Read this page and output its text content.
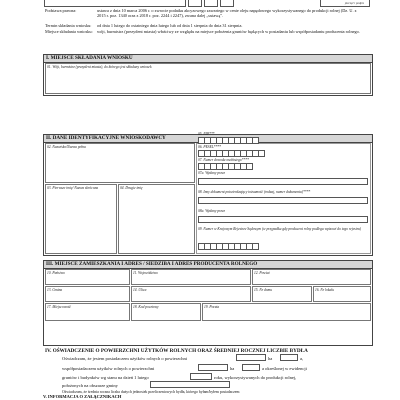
pieczęć i podpis
Podstawa prawna:	ustawa z dnia 10 marca 2006 r. o zwrocie podatku akcyzowego zawartego w cenie oleju napędowego wykorzystywanego do produkcji rolnej (Dz. U. z 2015 r. poz. 1340 oraz z 2018 r. poz. 2244 i 2247), zwana dalej „ustawą”.
Termin składania wniosku:	od dnia 1 lutego do ostatniego dnia lutego lub od dnia 1 sierpnia do dnia 31 sierpnia.
Miejsce składania wniosku: wójt, burmistrz (prezydent miasta) właściwy ze względu na miejsce położenia gruntów będących w posiadaniu lub współposiadaniu producenta rolnego.
I. MIEJSCE SKŁADANIA WNIOSKU
01. Wójt, burmistrz (prezydent miasta), do którego jest składany wniosek
II. DANE IDENTYFIKACYJNE WNIOSKODAWCY
02. Nazwisko/Nazwa pełna
03. Pierwsze imię/ Nazwa skrócona	04. Drugie imię
05. NIP***
06. PESEL****
07. Numer dowodu osobistego****
07a. Wydany przez
08. Inny dokument potwierdzający tożsamość (rodzaj, numer dokumentu)****
08a. Wydany przez
09. Numer w Krajowym Rejestrze Sądowym (w przypadku gdy producent rolny podlega wpisowi do tego rejestru)
III. MIEJSCE ZAMIESZKANIA I ADRES / SIEDZIBA I ADRES PRODUCENTA ROLNEGO
10. Państwo	11. Województwo	12. Powiat
13. Gmina	14. Ulica	15. Nr domu	16. Nr lokalu
17. Miejscowość	18. Kod pocztowy	19. Poczta
IV. OŚWIADCZENIE O POWIERZCHNI UŻYTKÓW ROLNYCH ORAZ ŚREDNIEJ ROCZNEJ LICZBIE BYDŁA
Oświadczam, że jestem posiadaczem użytków rolnych o powierzchni	ha	a,
współposiadaczem użytków rolnych o powierzchni	ha	a określonej w ewidencji
gruntów i budynków wg stanu na dzień 1 lutego	roku, wykorzystywanych do produkcji rolnej,
położonych na obszarze gminy
Oświadczam, że średnia roczna liczba dużych jednostek przeliczeniowych bydła, którego byłam/byłem posiadaczem
V. INFORMACJA O ZAŁĄCZNIKACH
